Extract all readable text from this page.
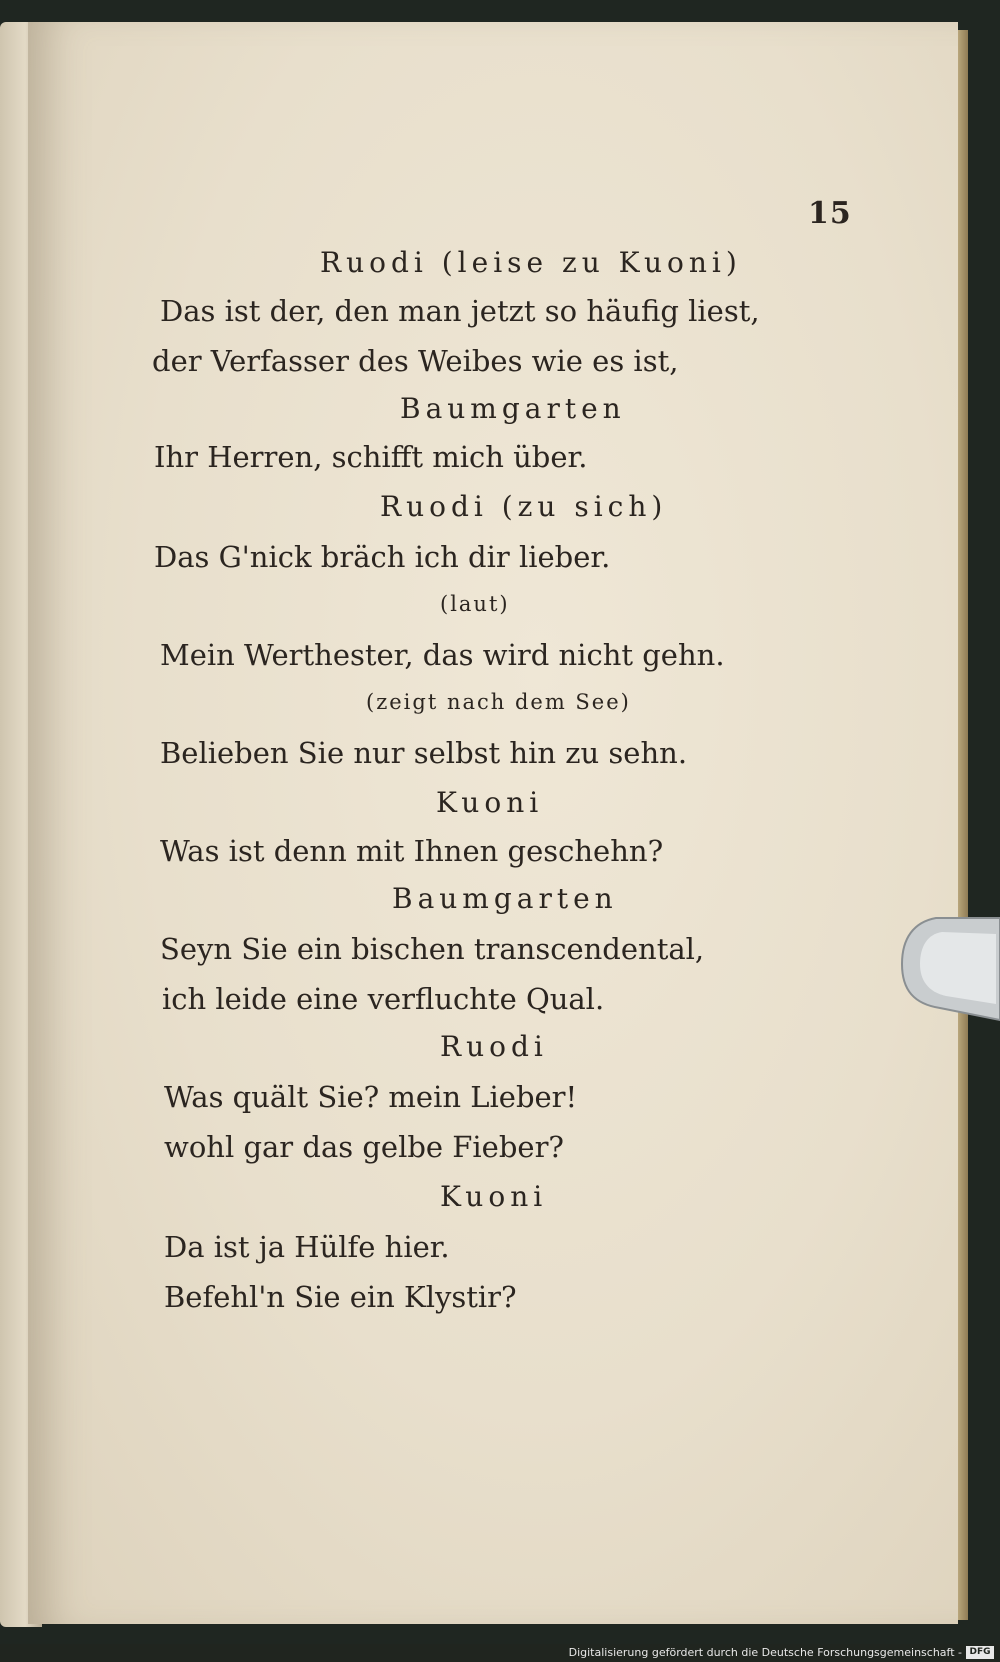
15
Ruodi (leise zu Kuoni)
Das ist der, den man jetzt so häufig liest,
der Verfasser des Weibes wie es ist,
Baumgarten
Ihr Herren, schifft mich über.
Ruodi (zu sich)
Das G'nick bräch ich dir lieber.
(laut)
Mein Werthester, das wird nicht gehn.
(zeigt nach dem See)
Belieben Sie nur selbst hin zu sehn.
Kuoni
Was ist denn mit Ihnen geschehn?
Baumgarten
Seyn Sie ein bischen transcendental,
ich leide eine verfluchte Qual.
Ruodi
Was quält Sie? mein Lieber!
wohl gar das gelbe Fieber?
Kuoni
Da ist ja Hülfe hier.
Befehl'n Sie ein Klystir?
Digitalisierung gefördert durch die Deutsche Forschungsgemeinschaft - DFG
